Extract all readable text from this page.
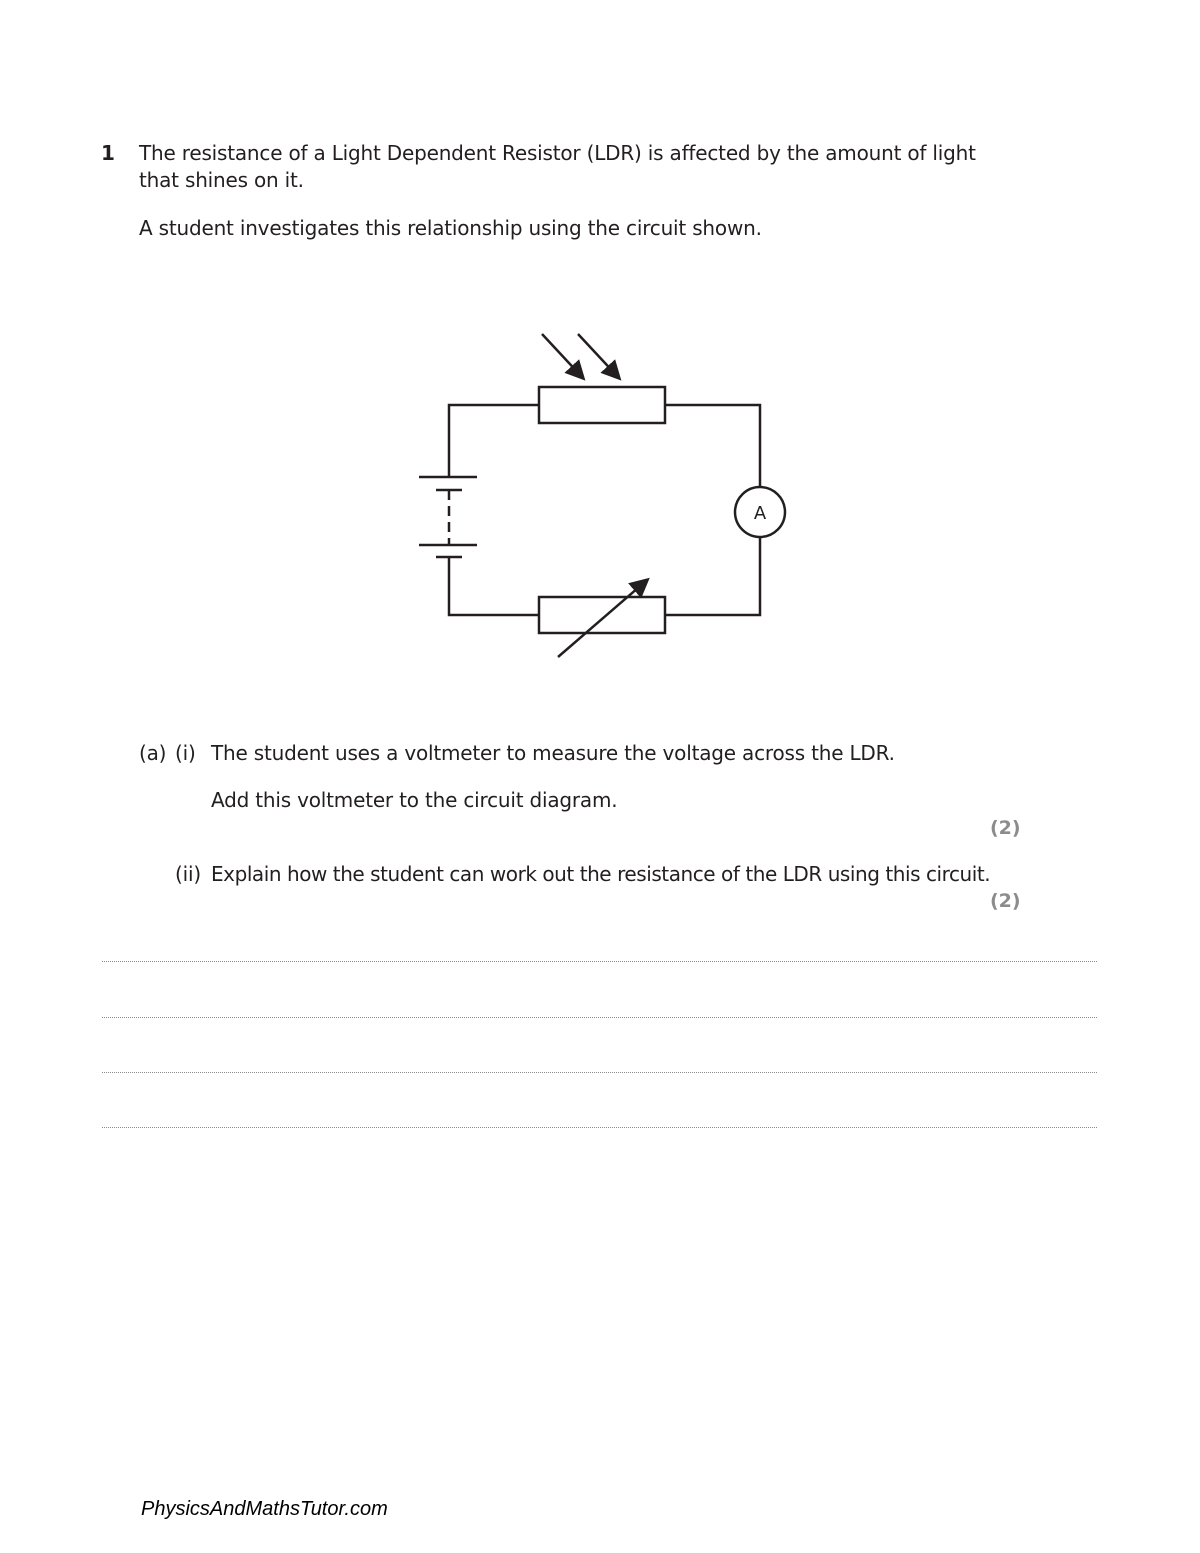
1 The resistance of a Light Dependent Resistor (LDR) is affected by the amount of light
that shines on it.
A student investigates this relationship using the circuit shown.
A
(a) (i) The student uses a voltmeter to measure the voltage across the LDR.
Add this voltmeter to the circuit diagram.
(2)
(ii) Explain how the student can work out the resistance of the LDR using this circuit.
(2)
PhysicsAndMathsTutor.com
